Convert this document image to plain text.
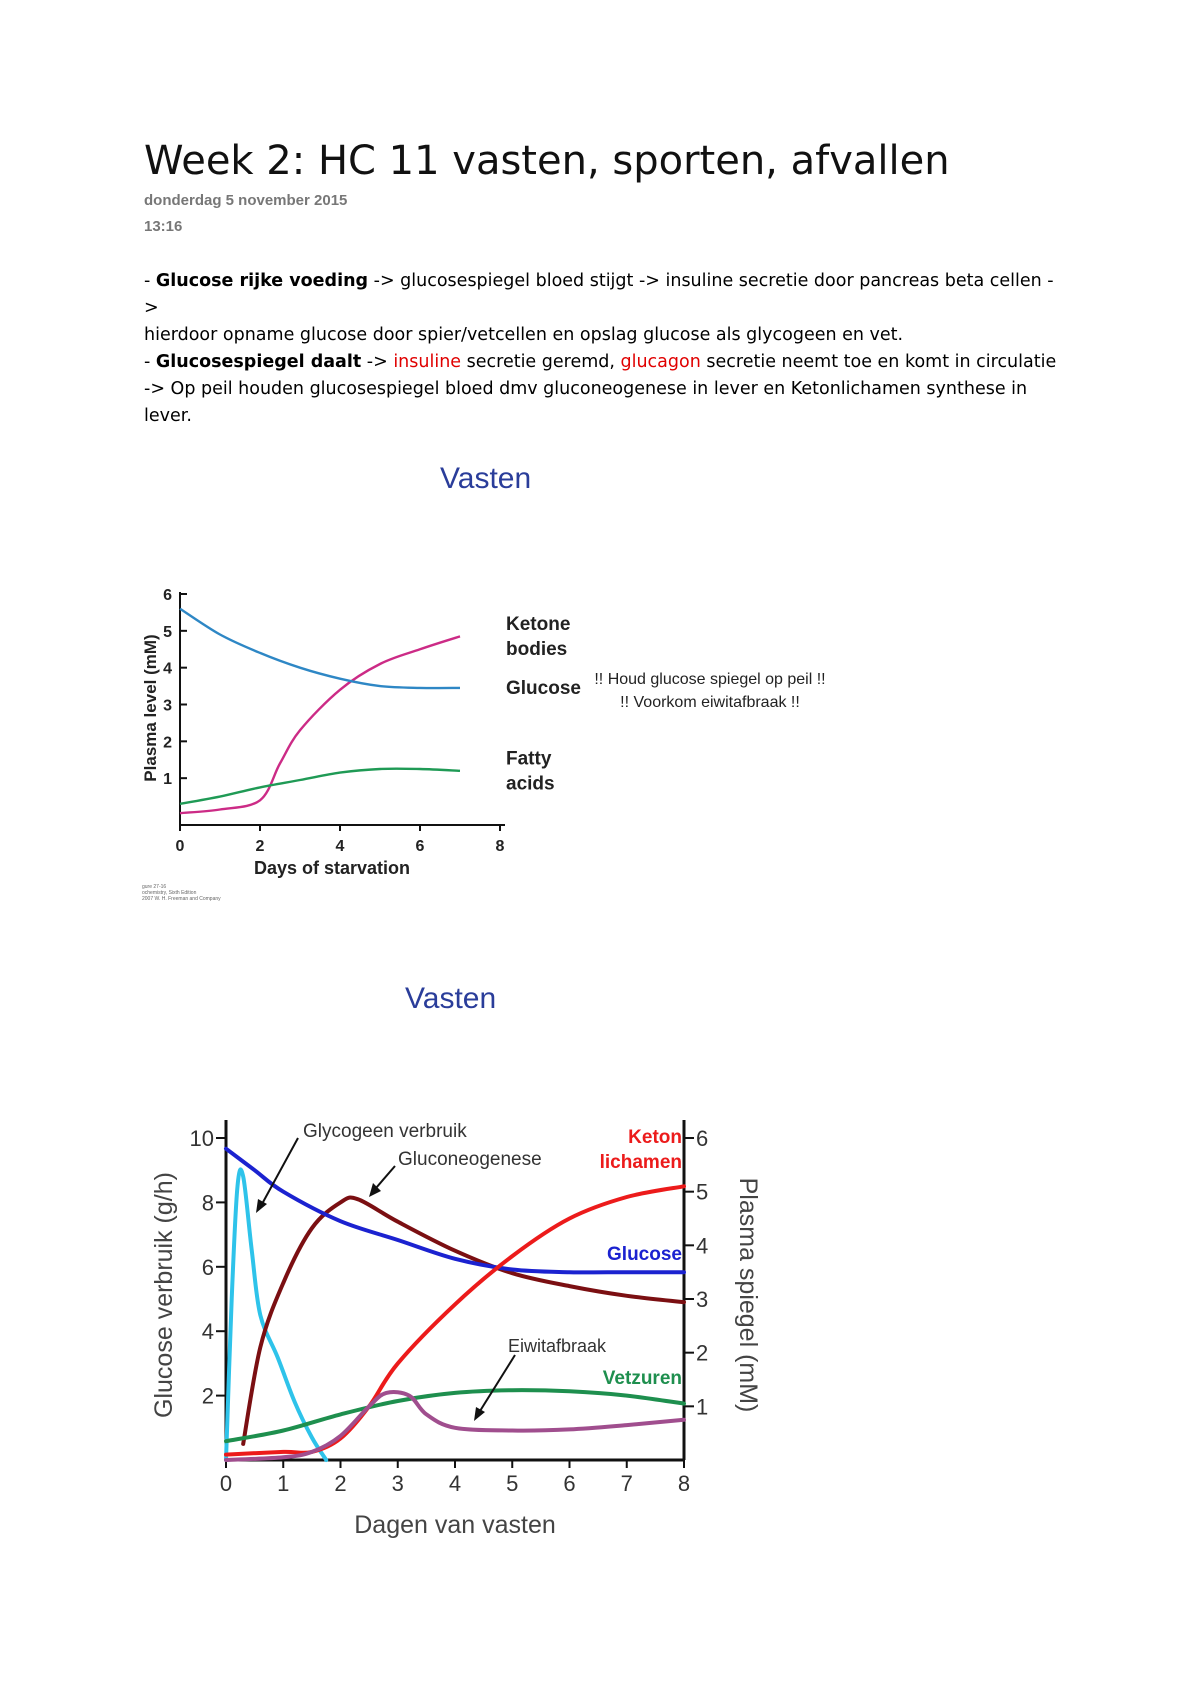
Week 2: HC 11 vasten, sporten, afvallen
donderdag 5 november 2015
13:16
- Glucose rijke voeding -> glucosespiegel bloed stijgt -> insuline secretie door pancreas beta cellen ->
hierdoor opname glucose door spier/vetcellen en opslag glucose als glycogeen en vet.
- Glucosespiegel daalt -> insuline secretie geremd, glucagon secretie neemt toe en komt in circulatie
-> Op peil houden glucosespiegel bloed dmv gluconeogenese in lever en Ketonlichamen synthese in
lever.
Vasten
0	2	4	6	8
1
2
3
4
5
6
Ketone
bodies
Glucose
Fatty
acids
Days of starvation
Plasma level (mM)	!! Houd glucose spiegel op peil !!
!! Voorkom eiwitafbraak !!
gure 27-16
ochemistry, Sixth Edition
2007 W. H. Freeman and Company
Vasten
0 1 2 3 4 5 6 7 8
2
4
6
8
10
1
2
3
4
5
6
Glycogeen verbruik
Gluconeogenese
Keton
lichamen
Glucose
Eiwitafbraak
Vetzuren
Dagen van vasten
Glucose verbruik (g/h)	Plasma spiegel (mM)
